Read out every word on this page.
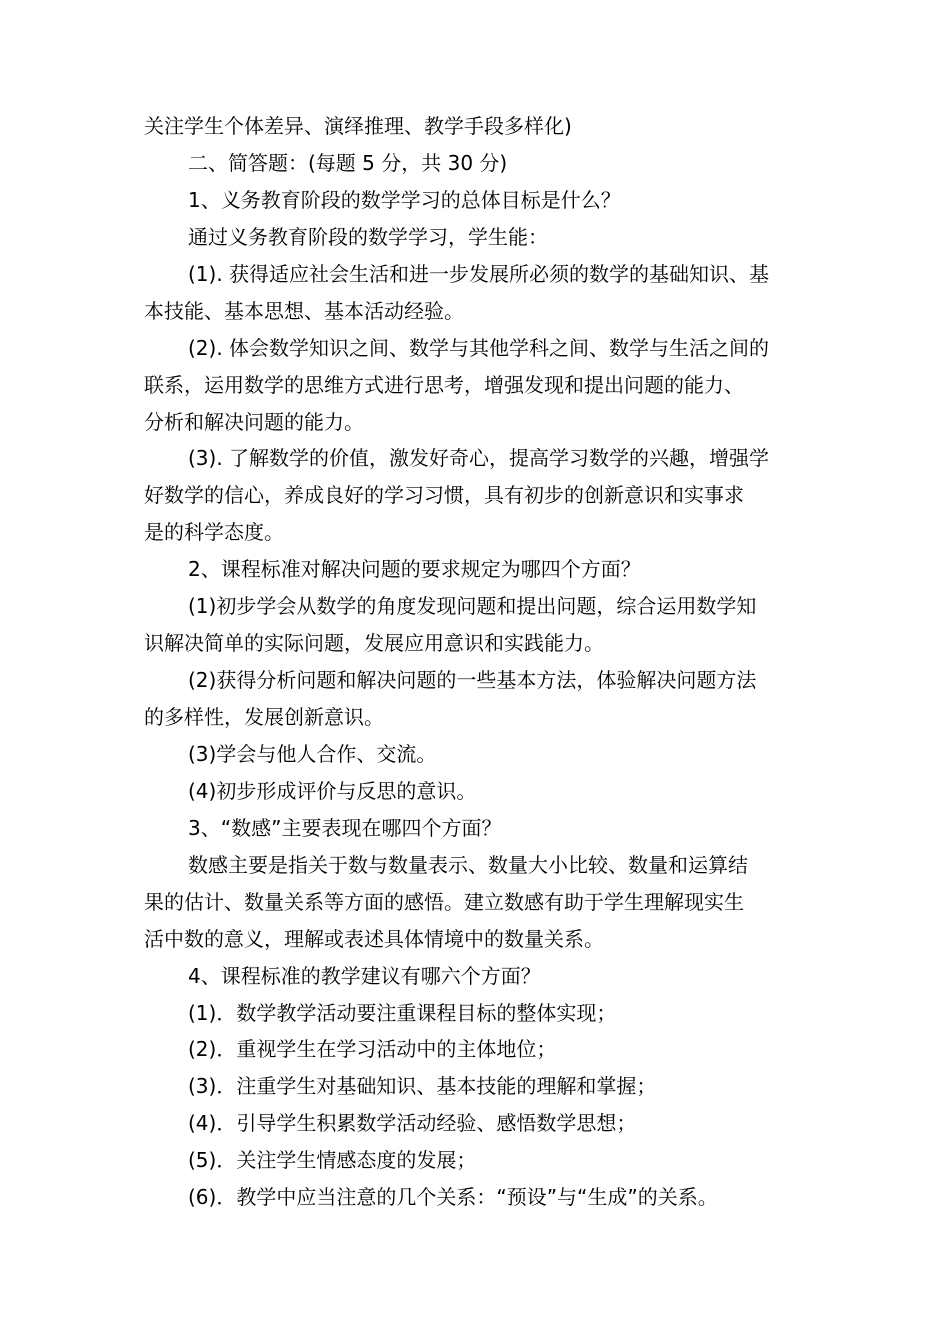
关注学生个体差异、演绎推理、教学手段多样化)
二、简答题：(每题 5 分，共 30 分)
1、义务教育阶段的数学学习的总体目标是什么？
通过义务教育阶段的数学学习，学生能：
(1). 获得适应社会生活和进一步发展所必须的数学的基础知识、基
本技能、基本思想、基本活动经验。
(2). 体会数学知识之间、数学与其他学科之间、数学与生活之间的
联系，运用数学的思维方式进行思考，增强发现和提出问题的能力、
分析和解决问题的能力。
(3). 了解数学的价值，激发好奇心，提高学习数学的兴趣，增强学
好数学的信心，养成良好的学习习惯，具有初步的创新意识和实事求
是的科学态度。
2、课程标准对解决问题的要求规定为哪四个方面？
(1)初步学会从数学的角度发现问题和提出问题，综合运用数学知
识解决简单的实际问题，发展应用意识和实践能力。
(2)获得分析问题和解决问题的一些基本方法，体验解决问题方法
的多样性，发展创新意识。
(3)学会与他人合作、交流。
(4)初步形成评价与反思的意识。
3、“数感”主要表现在哪四个方面？
数感主要是指关于数与数量表示、数量大小比较、数量和运算结
果的估计、数量关系等方面的感悟。建立数感有助于学生理解现实生
活中数的意义，理解或表述具体情境中的数量关系。
4、课程标准的教学建议有哪六个方面？
(1)．数学教学活动要注重课程目标的整体实现；
(2)．重视学生在学习活动中的主体地位；
(3)．注重学生对基础知识、基本技能的理解和掌握；
(4)．引导学生积累数学活动经验、感悟数学思想；
(5)．关注学生情感态度的发展；
(6)．教学中应当注意的几个关系：“预设”与“生成”的关系。
